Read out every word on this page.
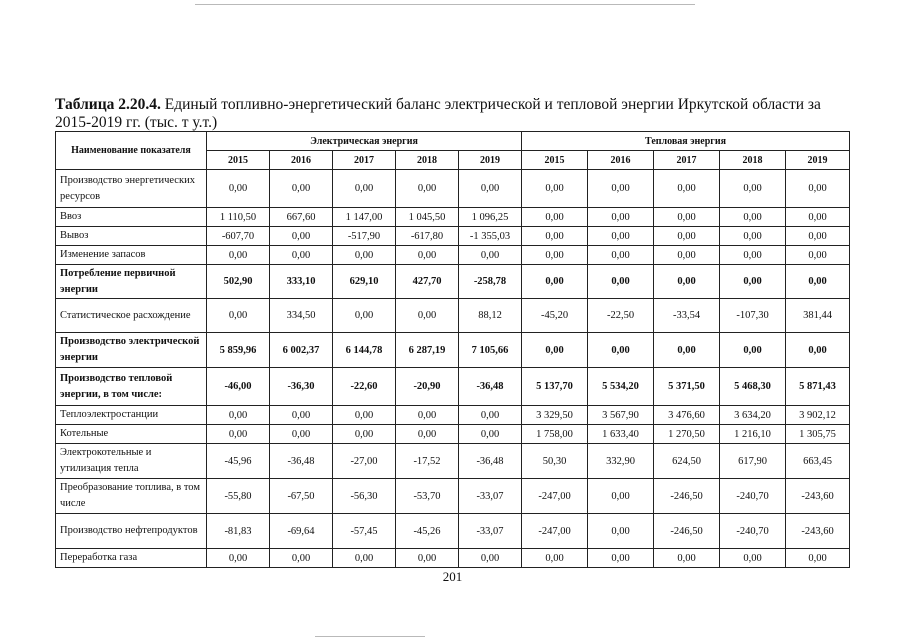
Таблица 2.20.4. Единый топливно-энергетический баланс электрической и тепловой энергии Иркутской области за 2015-2019 гг. (тыс. т у.т.)
Наименование показателя	Электрическая энергия					Тепловая энергия				
	2015	2016	2017	2018	2019	2015	2016	2017	2018	2019
Производство энергетических ресурсов	0,00	0,00	0,00	0,00	0,00	0,00	0,00	0,00	0,00	0,00
Ввоз	1 110,50	667,60	1 147,00	1 045,50	1 096,25	0,00	0,00	0,00	0,00	0,00
Вывоз	-607,70	0,00	-517,90	-617,80	-1 355,03	0,00	0,00	0,00	0,00	0,00
Изменение запасов	0,00	0,00	0,00	0,00	0,00	0,00	0,00	0,00	0,00	0,00
Потребление первичной энергии	502,90	333,10	629,10	427,70	-258,78	0,00	0,00	0,00	0,00	0,00
Статистическое расхождение	0,00	334,50	0,00	0,00	88,12	-45,20	-22,50	-33,54	-107,30	381,44
Производство электрической энергии	5 859,96	6 002,37	6 144,78	6 287,19	7 105,66	0,00	0,00	0,00	0,00	0,00
Производство тепловой энергии, в том числе:	-46,00	-36,30	-22,60	-20,90	-36,48	5 137,70	5 534,20	5 371,50	5 468,30	5 871,43
Теплоэлектростанции	0,00	0,00	0,00	0,00	0,00	3 329,50	3 567,90	3 476,60	3 634,20	3 902,12
Котельные	0,00	0,00	0,00	0,00	0,00	1 758,00	1 633,40	1 270,50	1 216,10	1 305,75
Электрокотельные и утилизация тепла	-45,96	-36,48	-27,00	-17,52	-36,48	50,30	332,90	624,50	617,90	663,45
Преобразование топлива, в том числе	-55,80	-67,50	-56,30	-53,70	-33,07	-247,00	0,00	-246,50	-240,70	-243,60
Производство нефтепродуктов	-81,83	-69,64	-57,45	-45,26	-33,07	-247,00	0,00	-246,50	-240,70	-243,60
Переработка газа	0,00	0,00	0,00	0,00	0,00	0,00	0,00	0,00	0,00	0,00
201
